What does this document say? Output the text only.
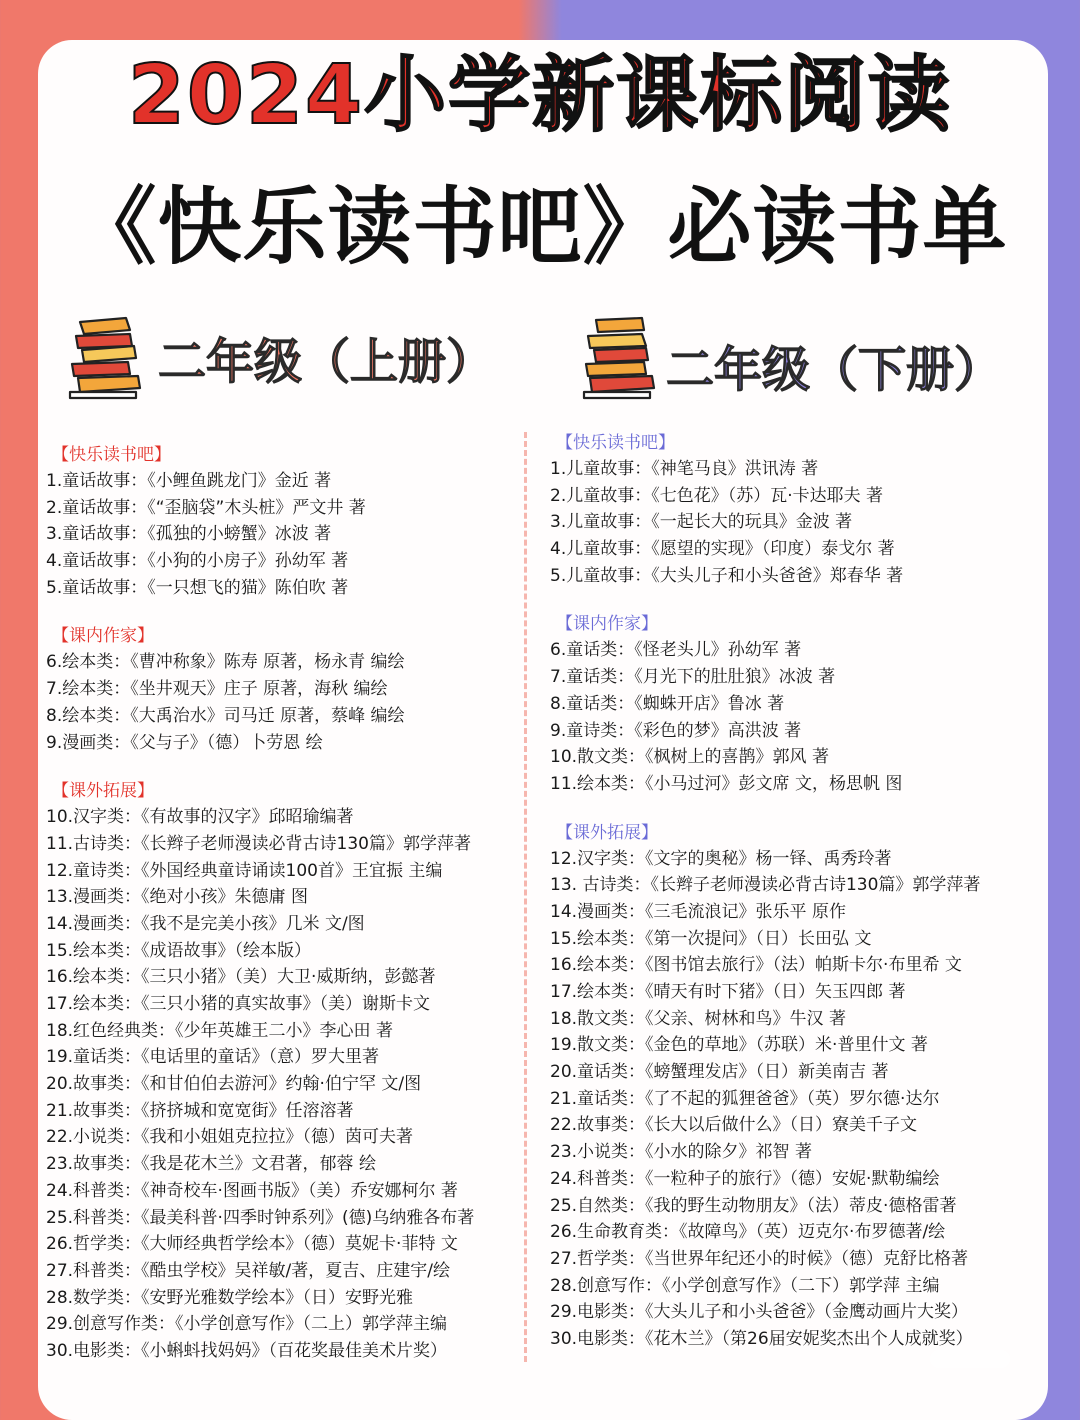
2024小学新课标阅读
《快乐读书吧》必读书单
二年级（上册）	二年级（下册）
【快乐读书吧】
1.童话故事：《小鲤鱼跳龙门》金近 著
2.童话故事：《“歪脑袋”木头桩》严文井 著
3.童话故事：《孤独的小螃蟹》冰波 著
4.童话故事：《小狗的小房子》孙幼军 著
5.童话故事：《一只想飞的猫》陈伯吹 著
【课内作家】
6.绘本类：《曹冲称象》陈寿 原著，杨永青 编绘
7.绘本类：《坐井观天》庄子 原著，海秋 编绘
8.绘本类：《大禹治水》司马迁 原著，蔡峰 编绘
9.漫画类：《父与子》（德）卜劳恩 绘
【课外拓展】
10.汉字类：《有故事的汉字》邱昭瑜编著
11.古诗类：《长辫子老师漫读必背古诗130篇》郭学萍著
12.童诗类：《外国经典童诗诵读100首》王宜振 主编
13.漫画类：《绝对小孩》朱德庸 图
14.漫画类：《我不是完美小孩》几米 文/图
15.绘本类：《成语故事》（绘本版）
16.绘本类：《三只小猪》（美）大卫·威斯纳，彭懿著
17.绘本类：《三只小猪的真实故事》（美）谢斯卡文
18.红色经典类：《少年英雄王二小》李心田 著
19.童话类：《电话里的童话》（意）罗大里著
20.故事类：《和甘伯伯去游河》约翰·伯宁罕 文/图
21.故事类：《挤挤城和宽宽街》任溶溶著
22.小说类：《我和小姐姐克拉拉》（德）茵可夫著
23.故事类：《我是花木兰》文君著，郁蓉 绘
24.科普类：《神奇校车·图画书版》（美）乔安娜柯尔 著
25.科普类：《最美科普·四季时钟系列》(德)乌纳雅各布著
26.哲学类：《大师经典哲学绘本》（德）莫妮卡·菲特 文
27.科普类：《酷虫学校》吴祥敏/著，夏吉、庄建宇/绘
28.数学类：《安野光雅数学绘本》（日）安野光雅
29.创意写作类：《小学创意写作》（二上）郭学萍主编
30.电影类：《小蝌蚪找妈妈》（百花奖最佳美术片奖）
【快乐读书吧】
1.儿童故事：《神笔马良》洪讯涛 著
2.儿童故事：《七色花》（苏）瓦·卡达耶夫 著
3.儿童故事：《一起长大的玩具》金波 著
4.儿童故事：《愿望的实现》（印度）泰戈尔 著
5.儿童故事：《大头儿子和小头爸爸》郑春华 著
【课内作家】
6.童话类：《怪老头儿》孙幼军 著
7.童话类：《月光下的肚肚狼》冰波 著
8.童话类：《蜘蛛开店》鲁冰 著
9.童诗类：《彩色的梦》高洪波 著
10.散文类：《枫树上的喜鹊》郭风 著
11.绘本类：《小马过河》彭文席 文，杨思帆 图
【课外拓展】
12.汉字类：《文字的奥秘》杨一铎、禹秀玲著
13. 古诗类：《长辫子老师漫读必背古诗130篇》郭学萍著
14.漫画类：《三毛流浪记》张乐平 原作
15.绘本类：《第一次提问》（日）长田弘 文
16.绘本类：《图书馆去旅行》（法）帕斯卡尔·布里希 文
17.绘本类：《晴天有时下猪》（日）矢玉四郎 著
18.散文类：《父亲、树林和鸟》牛汉 著
19.散文类：《金色的草地》（苏联）米·普里什文 著
20.童话类：《螃蟹理发店》（日）新美南吉 著
21.童话类：《了不起的狐狸爸爸》（英）罗尔德·达尔
22.故事类：《长大以后做什么》（日）寮美千子文
23.小说类：《小水的除夕》祁智 著
24.科普类：《一粒种子的旅行》（德）安妮·默勒编绘
25.自然类：《我的野生动物朋友》（法）蒂皮·德格雷著
26.生命教育类：《故障鸟》（英）迈克尔·布罗德著/绘
27.哲学类：《当世界年纪还小的时候》（德）克舒比格著
28.创意写作：《小学创意写作》（二下）郭学萍 主编
29.电影类：《大头儿子和小头爸爸》（金鹰动画片大奖）
30.电影类：《花木兰》（第26届安妮奖杰出个人成就奖）
